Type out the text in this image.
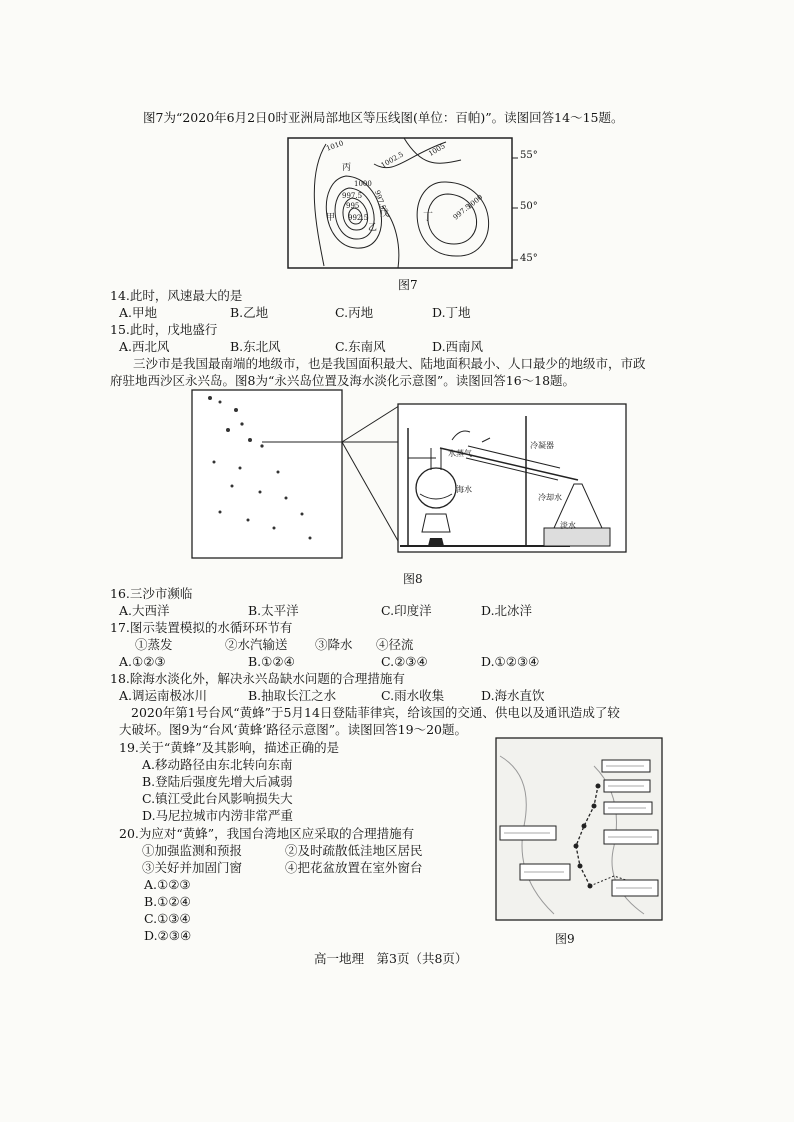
图7为“2020年6月2日0时亚洲局部地区等压线图(单位：百帕)”。读图回答14～15题。
55°
50°
45°
1010	1005
1002.5
1000
997.5 997.5
995
992.5
1000
997.5
丙
甲
乙
丁
戊
图7
14.此时，风速最大的是
A.甲地	B.乙地	C.丙地	D.丁地
15.此时，戊地盛行
A.西北风	B.东北风	C.东南风	D.西南风
三沙市是我国最南端的地级市，也是我国面积最大、陆地面积最小、人口最少的地级市，市政
府驻地西沙区永兴岛。图8为“永兴岛位置及海水淡化示意图”。读图回答16～18题。
冷凝器
水蒸气
海水
冷却水
淡水
图8
16.三沙市濒临
A.大西洋	B.太平洋	C.印度洋	D.北冰洋
17.图示装置模拟的水循环环节有
①蒸发	②水汽输送 ③降水 ④径流
A.①②③	B.①②④	C.②③④	D.①②③④
18.除海水淡化外，解决永兴岛缺水问题的合理措施有
A.调运南极冰川	B.抽取长江之水	C.雨水收集	D.海水直饮
2020年第1号台风“黄蜂”于5月14日登陆菲律宾，给该国的交通、供电以及通讯造成了较
大破坏。图9为“台风‘黄蜂’路径示意图”。读图回答19～20题。
19.关于“黄蜂”及其影响，描述正确的是
A.移动路径由东北转向东南
B.登陆后强度先增大后减弱
C.镇江受此台风影响损失大
D.马尼拉城市内涝非常严重
20.为应对“黄蜂”，我国台湾地区应采取的合理措施有
①加强监测和预报	②及时疏散低洼地区居民
③关好并加固门窗	④把花盆放置在室外窗台
A.①②③
B.①②④
C.①③④
D.②③④	图9
高一地理　第3页（共8页）
